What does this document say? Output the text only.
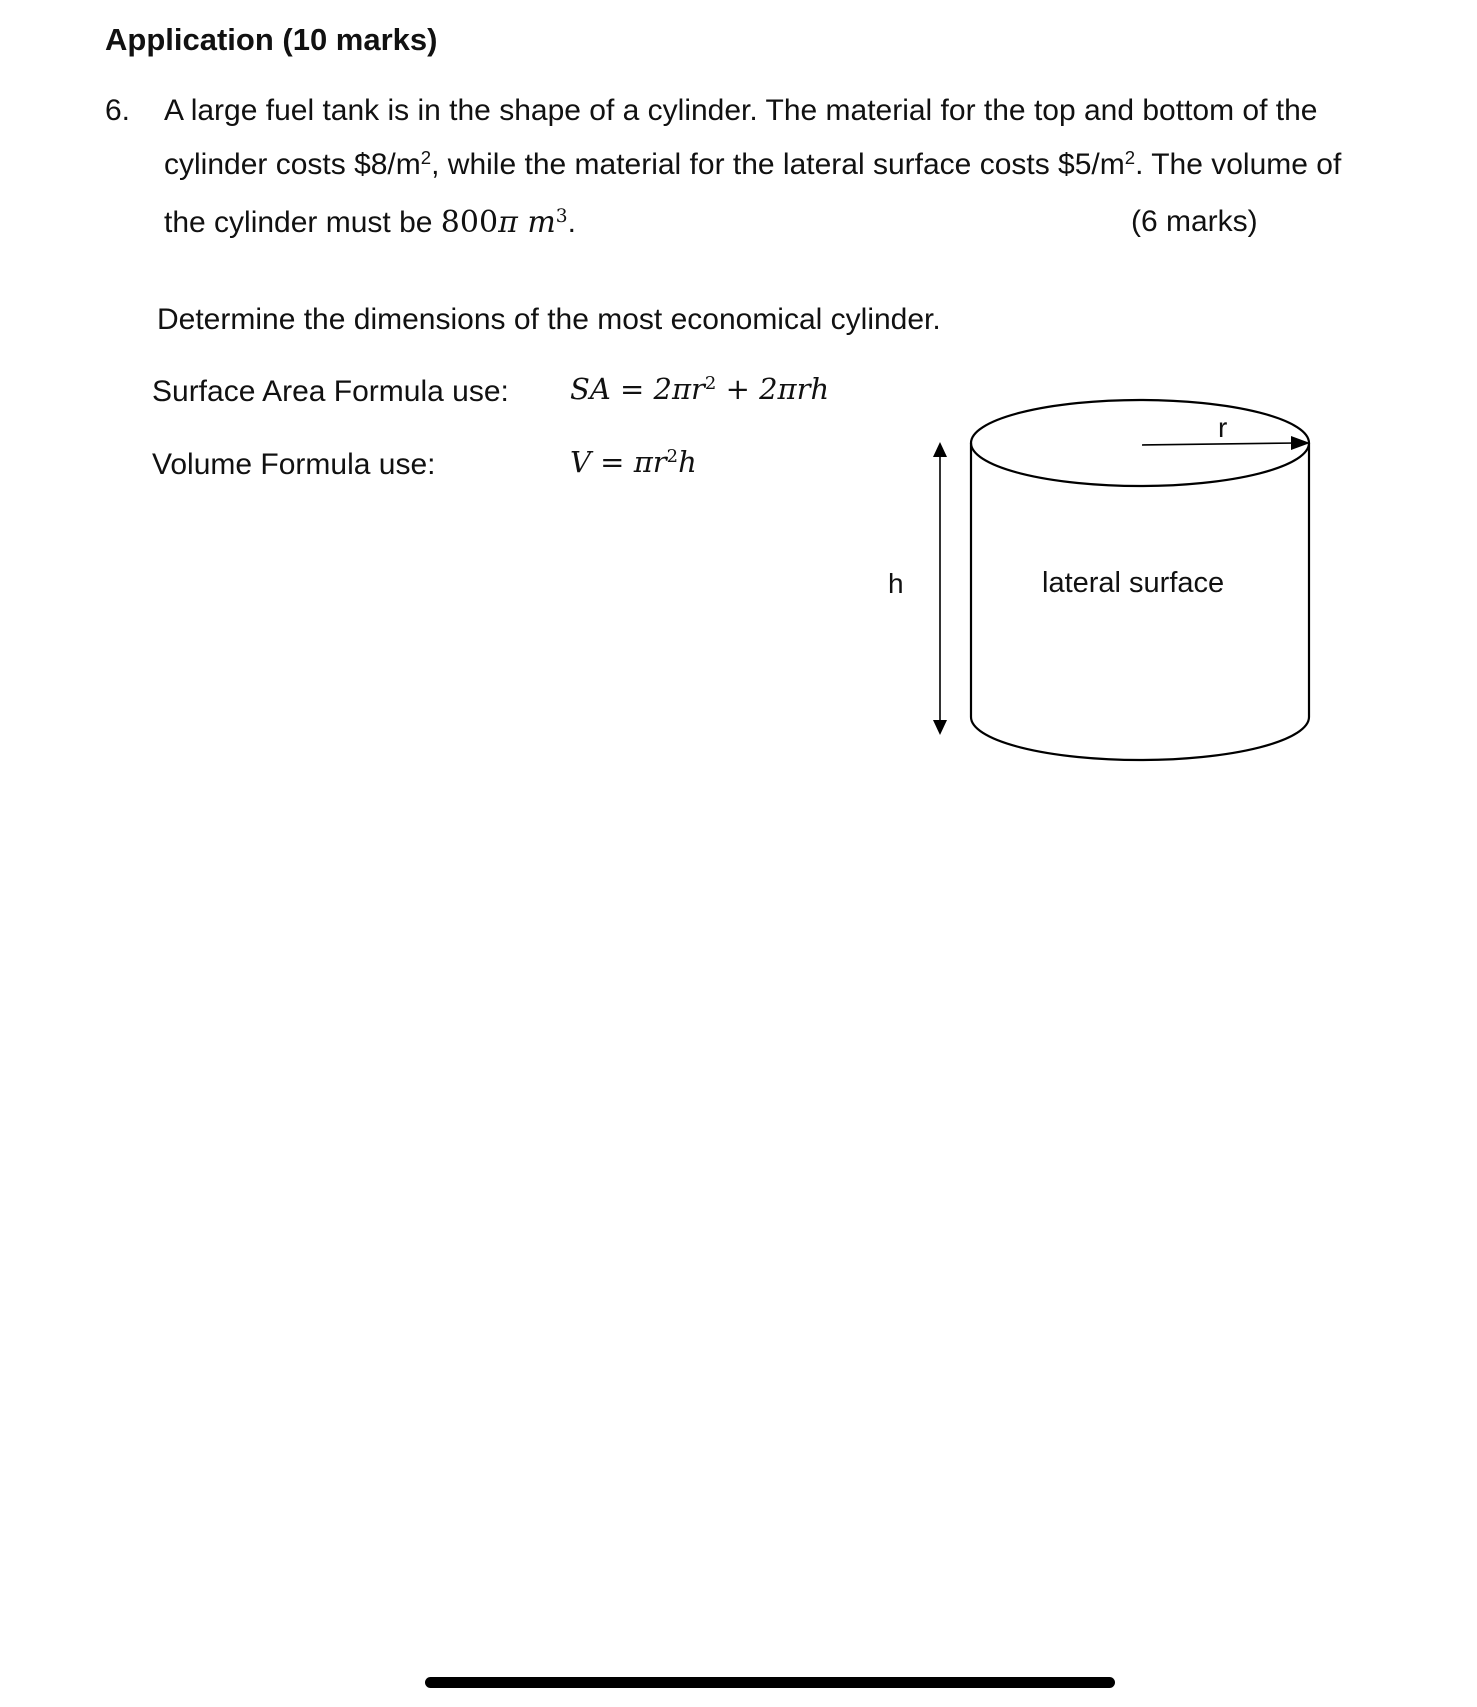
Application (10 marks)
6. A large fuel tank is in the shape of a cylinder. The material for the top and bottom of the
cylinder costs $\$8/m^2$, while the material for the lateral surface costs $\$5/m^2$. The volume of
the cylinder must be 800π $m^3$.	(6 marks)
Determine the dimensions of the most economical cylinder.
Surface Area Formula use: SA = $2\pi r^2 + 2\pi rh$
Volume Formula use:	$V = \pi r^2h$
r
h	lateral surface
